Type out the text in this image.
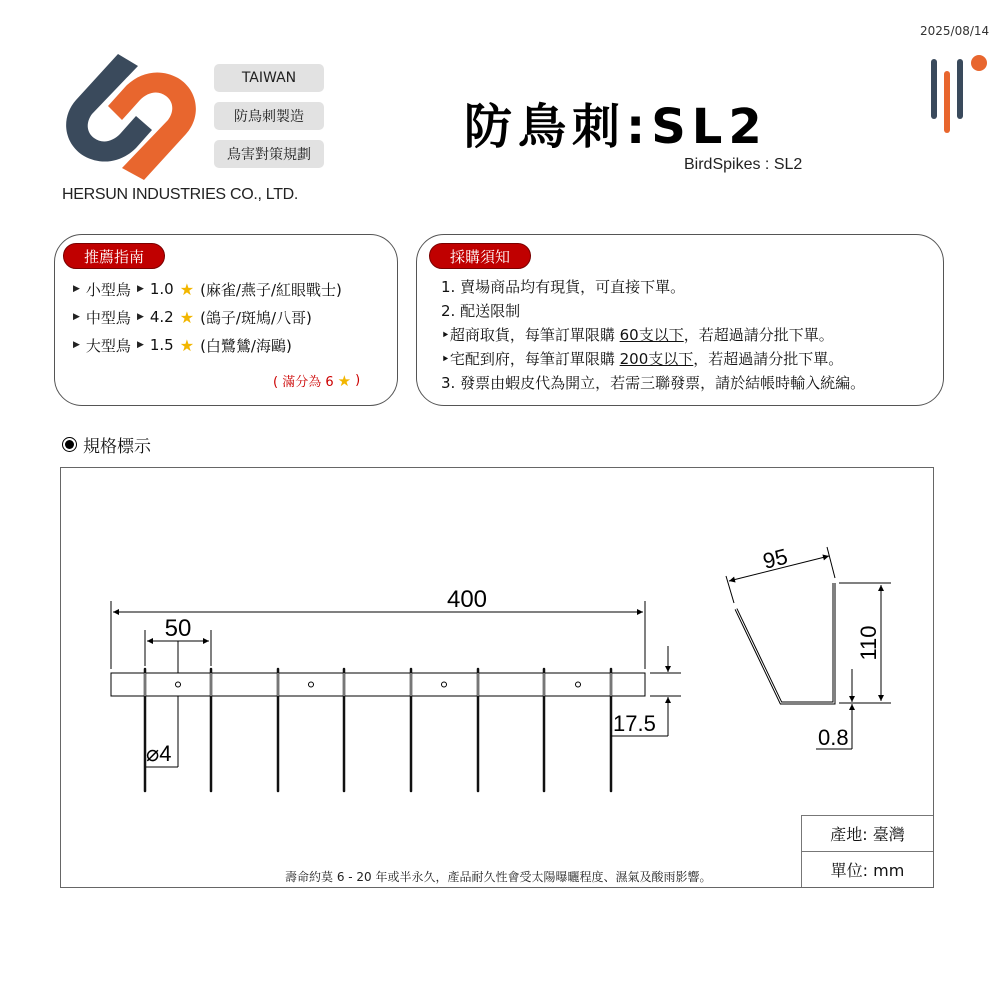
2025/08/14
TAIWAN
防鳥刺製造
鳥害對策規劃
HERSUN INDUSTRIES CO., LTD.
防鳥刺:SL2
BirdSpikes : SL2
推薦指南
▶ 小型鳥 ▶ 1.0 ★ (麻雀/燕子/紅眼戰士)
▶ 中型鳥 ▶ 4.2 ★ (鴿子/斑鳩/八哥)
▶ 大型鳥 ▶ 1.5 ★ (白鷺鷥/海鷗)
( 滿分為 6 ★ )
採購須知
1. 賣場商品均有現貨，可直接下單。
2. 配送限制
‣超商取貨，每筆訂單限購 60支以下，若超過請分批下單。
‣宅配到府，每筆訂單限購 200支以下，若超過請分批下單。
3. 發票由蝦皮代為開立，若需三聯發票，請於結帳時輸入統編。
規格標示
400
50
⌀4
17.5
95
110
0.8
壽命約莫 6 - 20 年或半永久，產品耐久性會受太陽曝曬程度、濕氣及酸雨影響。
產地: 臺灣
單位: mm
